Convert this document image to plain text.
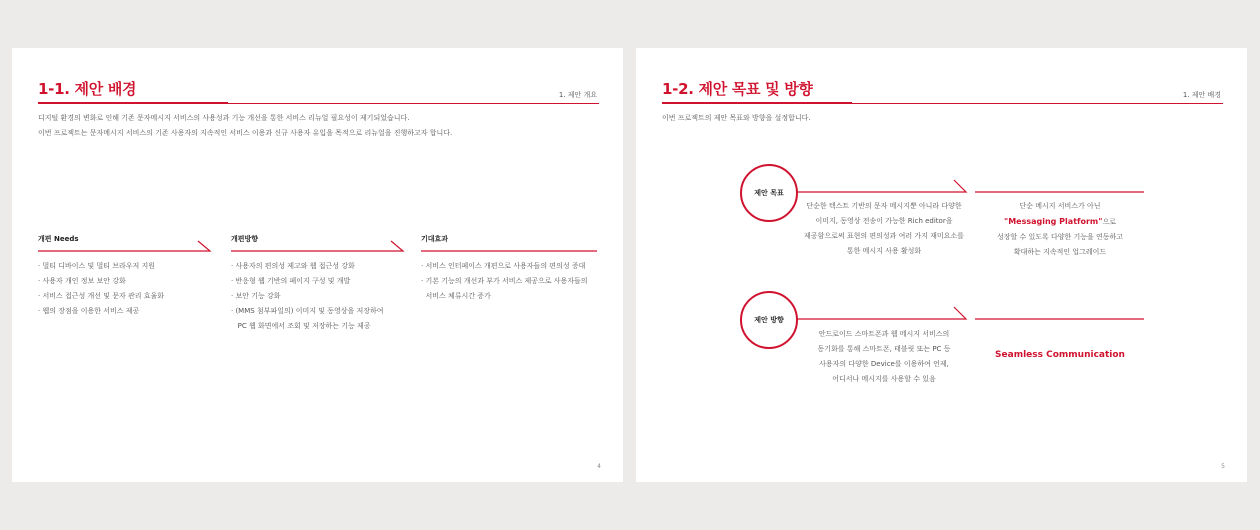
1-1. 제안 배경	1. 제안 개요
디지털 환경의 변화로 인해 기존 문자메시지 서비스의 사용성과 기능 개선을 통한 서비스 리뉴얼 필요성이 제기되었습니다.
이번 프로젝트는 문자메시지 서비스의 기존 사용자의 지속적인 서비스 이용과 신규 사용자 유입을 목적으로 리뉴얼을 진행하고자 합니다.
개편 Needs
· 멀티 디바이스 및 멀티 브라우저 지원
· 사용자 개인 정보 보안 강화
· 서비스 접근성 개선 및 문자 관리 효율화
· 웹의 장점을 이용한 서비스 제공
개편방향
· 사용자의 편의성 제고와 웹 접근성 강화
· 반응형 웹 기반의 페이지 구성 및 개발
· 보안 기능 강화
· (MMS 첨부파일의) 이미지 및 동영상을 저장하여
PC 웹 화면에서 조회 및 저장하는 기능 제공
기대효과
· 서비스 인터페이스 개편으로 사용자들의 편의성 증대
· 기본 기능의 개선과 부가 서비스 제공으로 사용자들의
서비스 체류시간 증가
4
1-2. 제안 목표 및 방향	1. 제안 배경
이번 프로젝트의 제안 목표와 방향을 설정합니다.
제안 목표
단순한 텍스트 기반의 문자 메시지뿐 아니라 다양한
이미지, 동영상 전송이 가능한 Rich editor을
제공함으로써 표현의 편의성과 여러 가지 재미요소를
통한 메시지 사용 활성화
단순 메시지 서비스가 아닌
"Messaging Platform"으로
성장할 수 있도록 다양한 기능을 연동하고
확대하는 지속적인 업그레이드
제안 방향
안드로이드 스마트폰과 웹 메시지 서비스의
동기화를 통해 스마트폰, 태블릿 또는 PC 등
사용자의 다양한 Device를 이용하여 언제,
어디서나 메시지를 사용할 수 있음
Seamless Communication
5
